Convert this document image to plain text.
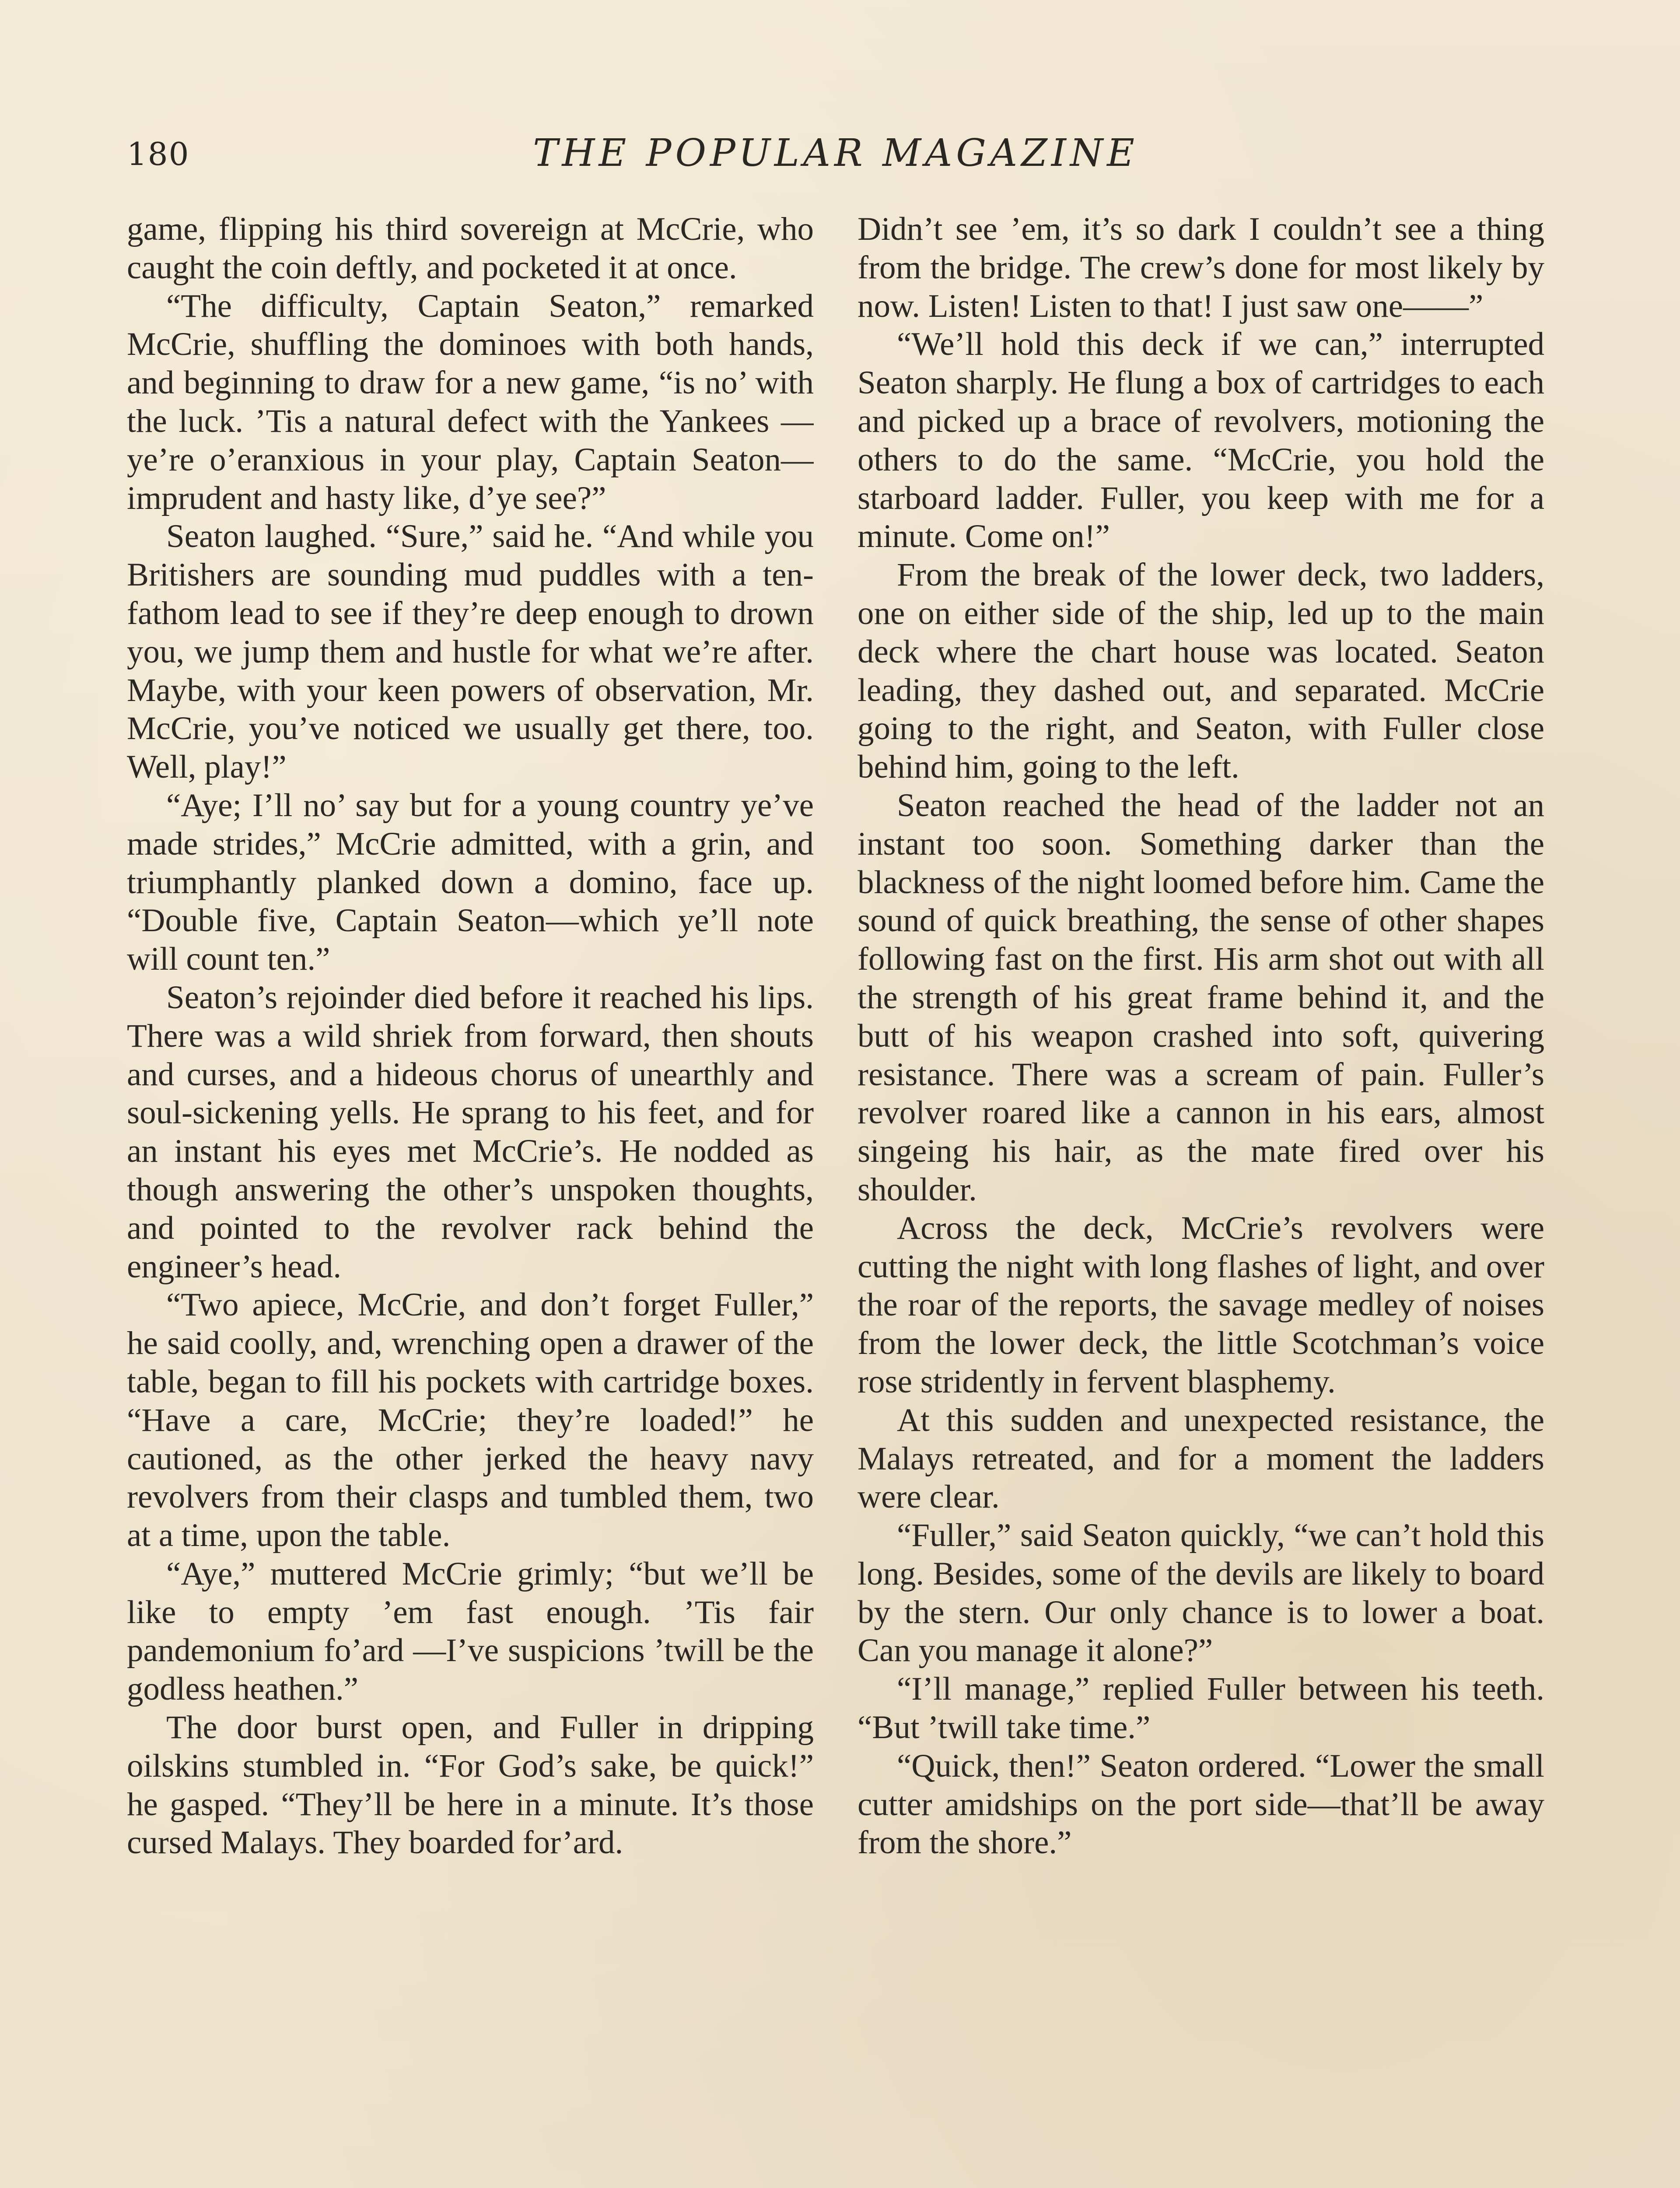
180	THE POPULAR MAGAZINE

game, flipping his third sovereign at McCrie, who caught the coin deftly, and pocketed it at once.

“The difficulty, Captain Seaton,” remarked McCrie, shuffling the dominoes with both hands, and beginning to draw for a new game, “is no’ with the luck. ’Tis a natural defect with the Yankees —ye’re o’eranxious in your play, Captain Seaton—imprudent and hasty like, d’ye see?”

Seaton laughed. “Sure,” said he. “And while you Britishers are sounding mud puddles with a ten-fathom lead to see if they’re deep enough to drown you, we jump them and hustle for what we’re after. Maybe, with your keen powers of observation, Mr. McCrie, you’ve noticed we usually get there, too. Well, play!”

“Aye; I’ll no’ say but for a young country ye’ve made strides,” McCrie admitted, with a grin, and triumphantly planked down a domino, face up. “Double five, Captain Seaton—which ye’ll note will count ten.”

Seaton’s rejoinder died before it reached his lips. There was a wild shriek from forward, then shouts and curses, and a hideous chorus of unearthly and soul-sickening yells. He sprang to his feet, and for an instant his eyes met McCrie’s. He nodded as though answering the other’s unspoken thoughts, and pointed to the revolver rack behind the engineer’s head.

“Two apiece, McCrie, and don’t forget Fuller,” he said coolly, and, wrenching open a drawer of the table, began to fill his pockets with cartridge boxes. “Have a care, McCrie; they’re loaded!” he cautioned, as the other jerked the heavy navy revolvers from their clasps and tumbled them, two at a time, upon the table.

“Aye,” muttered McCrie grimly; “but we’ll be like to empty ’em fast enough. ’Tis fair pandemonium fo’ard —I’ve suspicions ’twill be the godless heathen.”

The door burst open, and Fuller in dripping oilskins stumbled in. “For God’s sake, be quick!” he gasped. “They’ll be here in a minute. It’s those cursed Malays. They boarded for’ard.

Didn’t see ’em, it’s so dark I couldn’t see a thing from the bridge. The crew’s done for most likely by now. Listen! Listen to that! I just saw one——”

“We’ll hold this deck if we can,” interrupted Seaton sharply. He flung a box of cartridges to each and picked up a brace of revolvers, motioning the others to do the same. “McCrie, you hold the starboard ladder. Fuller, you keep with me for a minute. Come on!”

From the break of the lower deck, two ladders, one on either side of the ship, led up to the main deck where the chart house was located. Seaton leading, they dashed out, and separated. McCrie going to the right, and Seaton, with Fuller close behind him, going to the left.

Seaton reached the head of the ladder not an instant too soon. Something darker than the blackness of the night loomed before him. Came the sound of quick breathing, the sense of other shapes following fast on the first. His arm shot out with all the strength of his great frame behind it, and the butt of his weapon crashed into soft, quivering resistance. There was a scream of pain. Fuller’s revolver roared like a cannon in his ears, almost singeing his hair, as the mate fired over his shoulder.

Across the deck, McCrie’s revolvers were cutting the night with long flashes of light, and over the roar of the reports, the savage medley of noises from the lower deck, the little Scotchman’s voice rose stridently in fervent blasphemy.

At this sudden and unexpected resistance, the Malays retreated, and for a moment the ladders were clear.

“Fuller,” said Seaton quickly, “we can’t hold this long. Besides, some of the devils are likely to board by the stern. Our only chance is to lower a boat. Can you manage it alone?”

“I’ll manage,” replied Fuller between his teeth. “But ’twill take time.”

“Quick, then!” Seaton ordered. “Lower the small cutter amidships on the port side—that’ll be away from the shore.”
